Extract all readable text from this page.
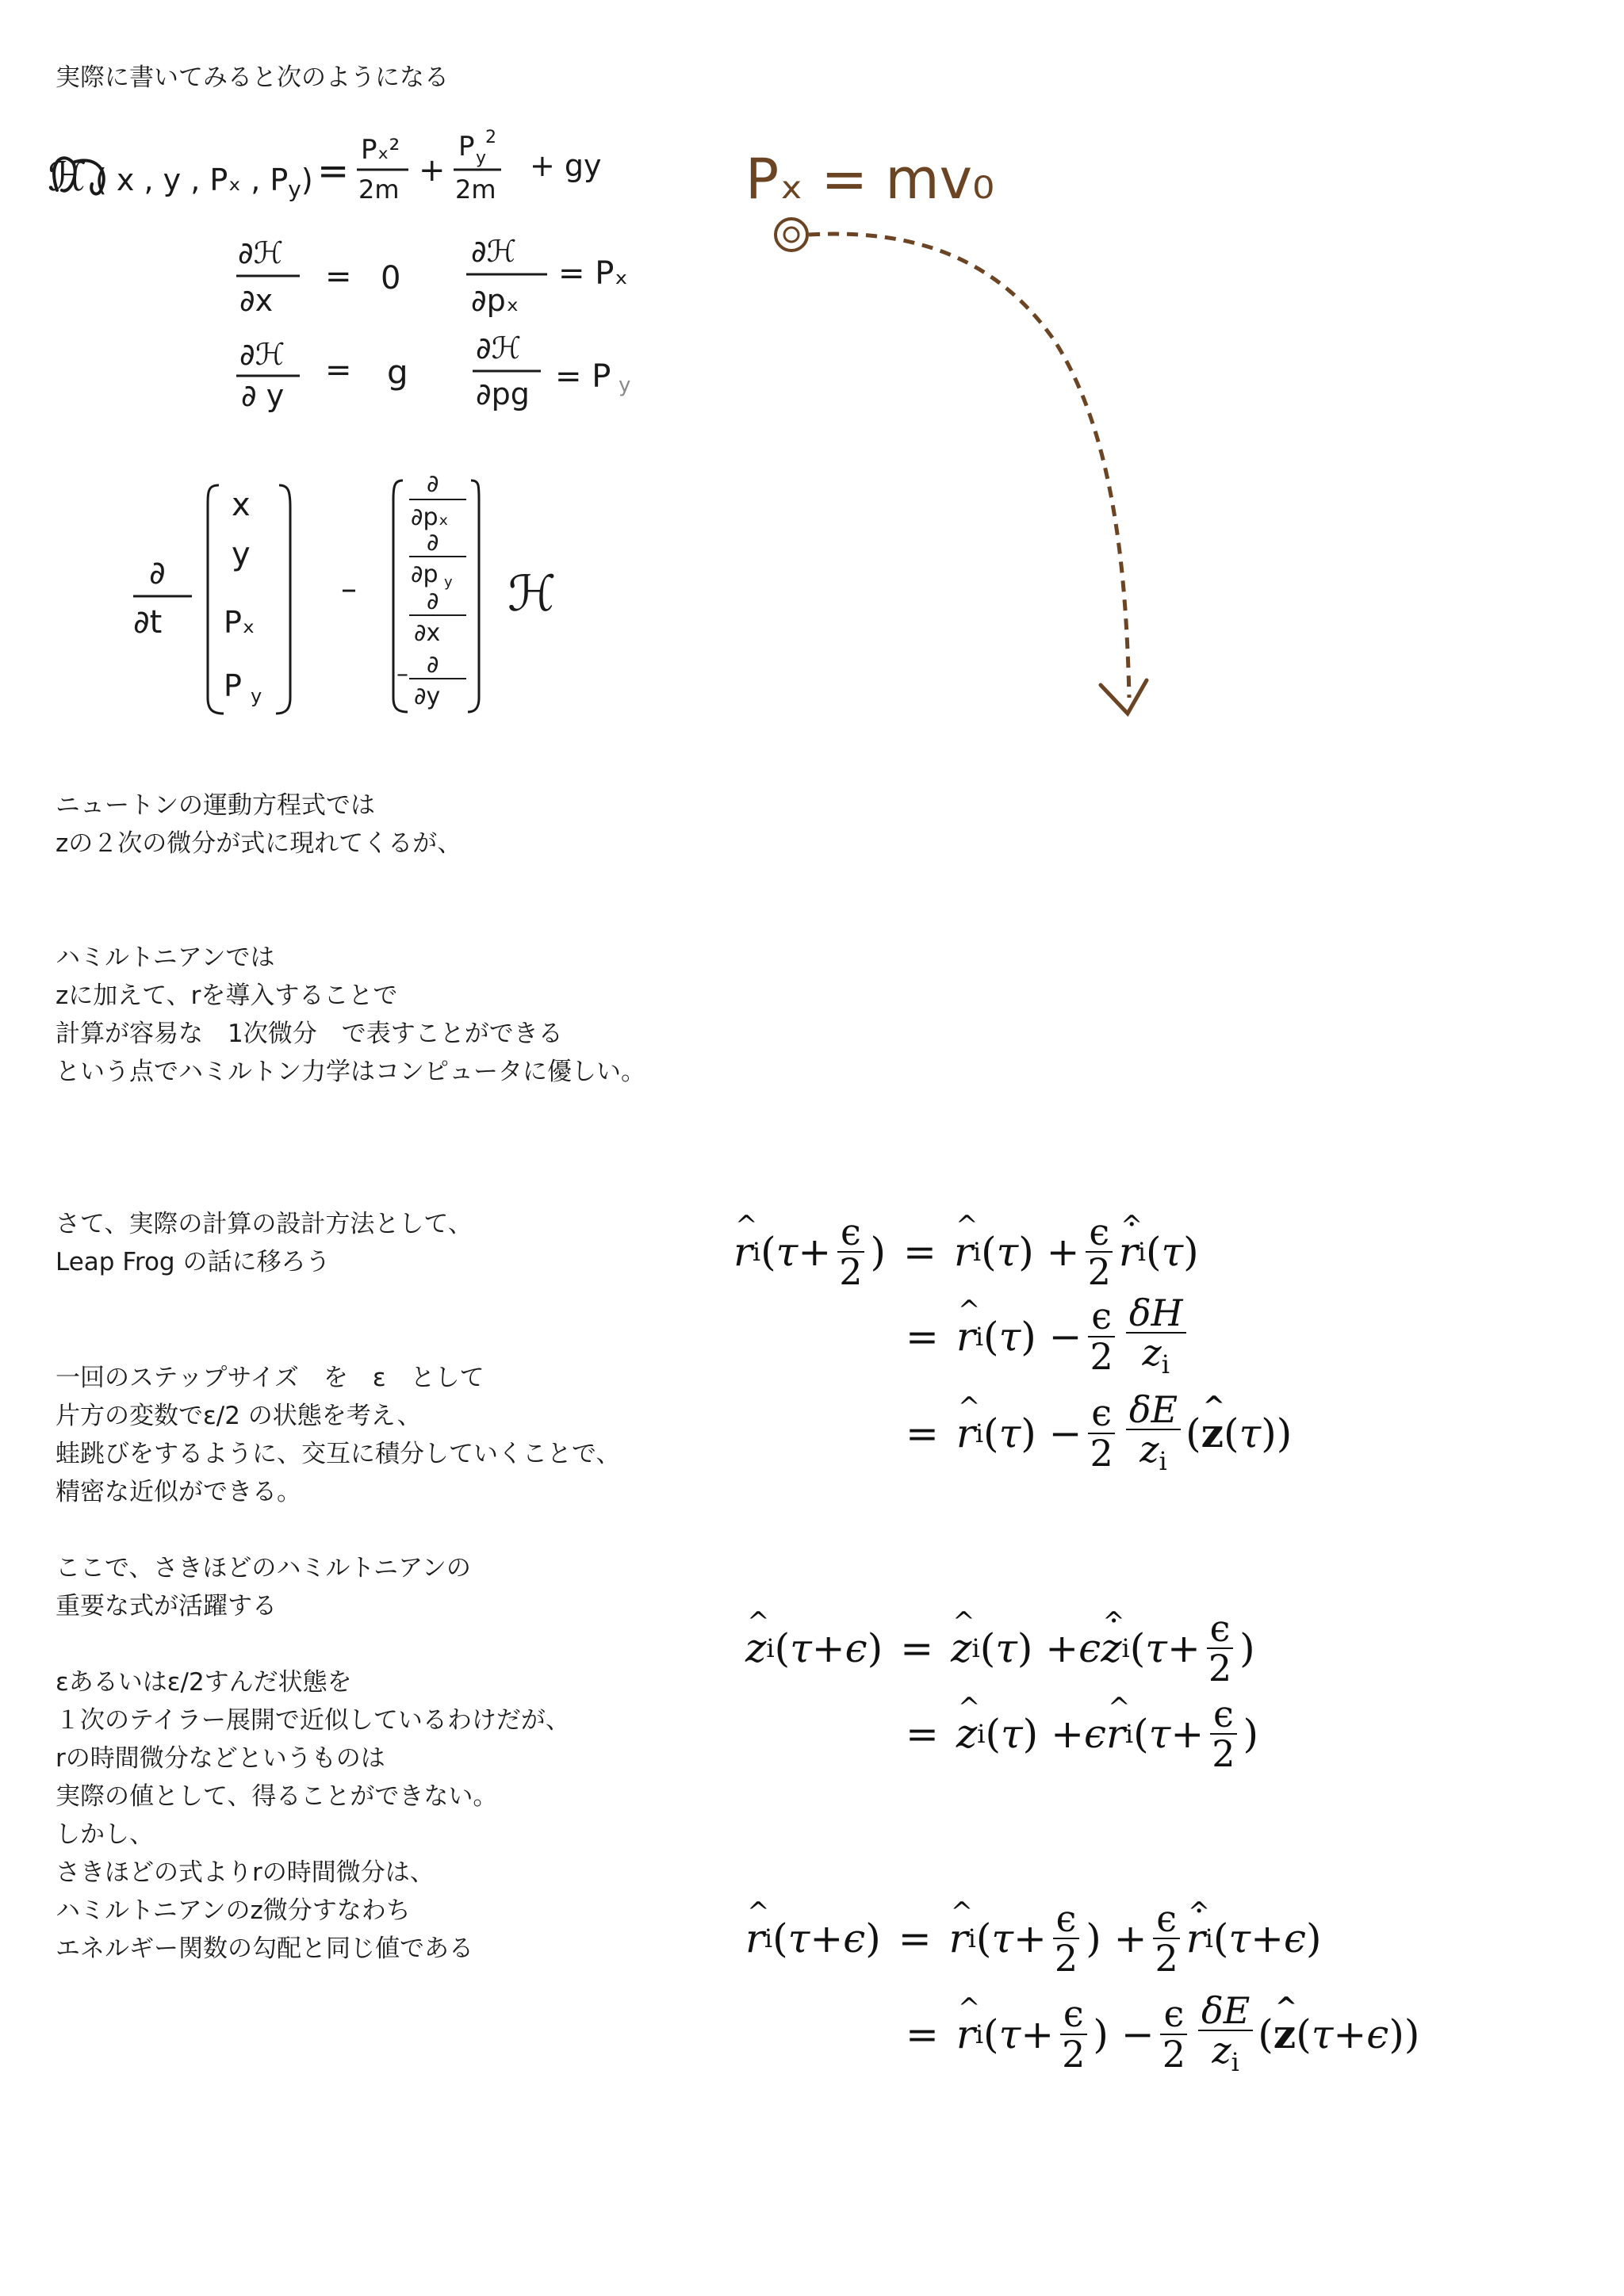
実際に書いてみると次のようになる

ℋ ( x , y , Pₓ , Py) = Pₓ²
2m
+
P y
2
2m
+ gy
∂ℋ
∂x
= 0
∂ℋ
∂pₓ
= Pₓ
∂ℋ
∂ y
= g
∂ℋ
∂pg = P y
∂
∂t
x
y
Pₓ
P y
–
∂
∂pₓ
∂
∂p y
∂
∂x
– ∂
∂y
ℋ
Pₓ = mv₀

ニュートンの運動方程式では
zの２次の微分が式に現れてくるが、

ハミルトニアンでは
zに加えて、rを導入することで
計算が容易な　1次微分　で表すことができる
という点でハミルトン力学はコンピュータに優しい。

さて、実際の計算の設計方法として、
Leap Frog の話に移ろう

一回のステップサイズ　を　ε　として
片方の変数でε/2 の状態を考え、
蛙跳びをするように、交互に積分していくことで、
精密な近似ができる。

ここで、さきほどのハミルトニアンの
重要な式が活躍する

εあるいはε/2すんだ状態を
１次のテイラー展開で近似しているわけだが、
rの時間微分などというものは
実際の値として、得ることができない。
しかし、
さきほどの式よりrの時間微分は、
ハミルトニアンのz微分すなわち
エネルギー関数の勾配と同じ値である

^ r i ( $\tau + \frac{\epsilon}{2}$ ) = ^ r i ( τ ) + $\frac{\epsilon}{2}$ ^ r . i ( τ )
= ^ r i ( τ ) − $\frac{\epsilon}{2} \frac{\delta H}{z_i}$
= ^ r i ( τ ) − $\frac{\epsilon}{2} \frac{\delta E}{z_i}$ ( ^ z ( τ ))
^ z i ( τ + ϵ ) = ^ z i ( τ ) + ϵ ^ z . i ( $\tau + \frac{\epsilon}{2}$ )
= ^ z i ( τ ) + ϵ ^ r i ( $\tau + \frac{\epsilon}{2}$ )
^ r i ( τ + ϵ ) = ^ r i ( $\tau + \frac{\epsilon}{2}$ ) + $\frac{\epsilon}{2}$ ^ r . i ( τ + ϵ )
= ^ r i ( $\tau + \frac{\epsilon}{2}$ ) − $\frac{\epsilon}{2} \frac{\delta E}{z_i}$ ( ^ z ( τ + ϵ ))
